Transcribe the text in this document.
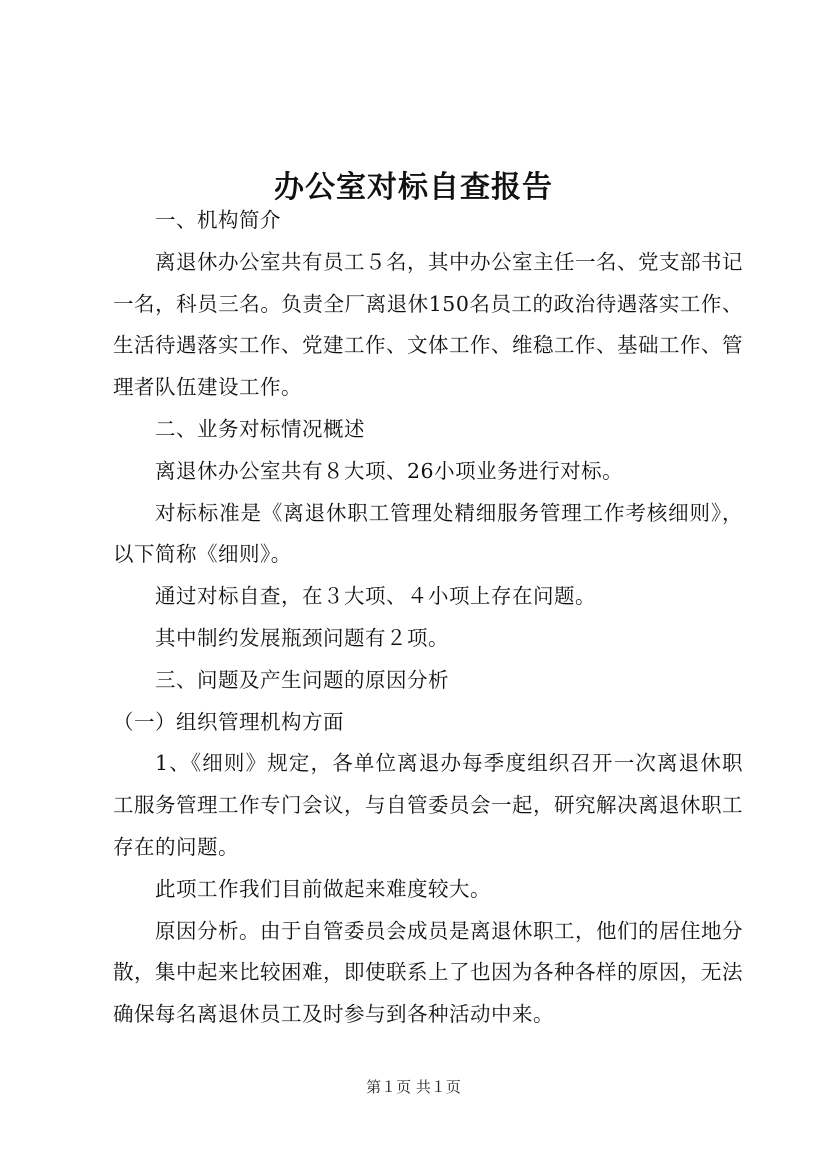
办公室对标自查报告

一、机构简介

离退休办公室共有员工５名，其中办公室主任一名、党支部书记一名，科员三名。负责全厂离退休150名员工的政治待遇落实工作、生活待遇落实工作、党建工作、文体工作、维稳工作、基础工作、管理者队伍建设工作。

二、业务对标情况概述

离退休办公室共有８大项、26小项业务进行对标。

对标标准是《离退休职工管理处精细服务管理工作考核细则》，以下简称《细则》。

通过对标自查，在３大项、４小项上存在问题。

其中制约发展瓶颈问题有２项。

三、问题及产生问题的原因分析

（一）组织管理机构方面

1、《细则》规定，各单位离退办每季度组织召开一次离退休职工服务管理工作专门会议，与自管委员会一起，研究解决离退休职工存在的问题。

此项工作我们目前做起来难度较大。

原因分析。由于自管委员会成员是离退休职工，他们的居住地分散，集中起来比较困难，即使联系上了也因为各种各样的原因，无法确保每名离退休员工及时参与到各种活动中来。

第１页 共１页
